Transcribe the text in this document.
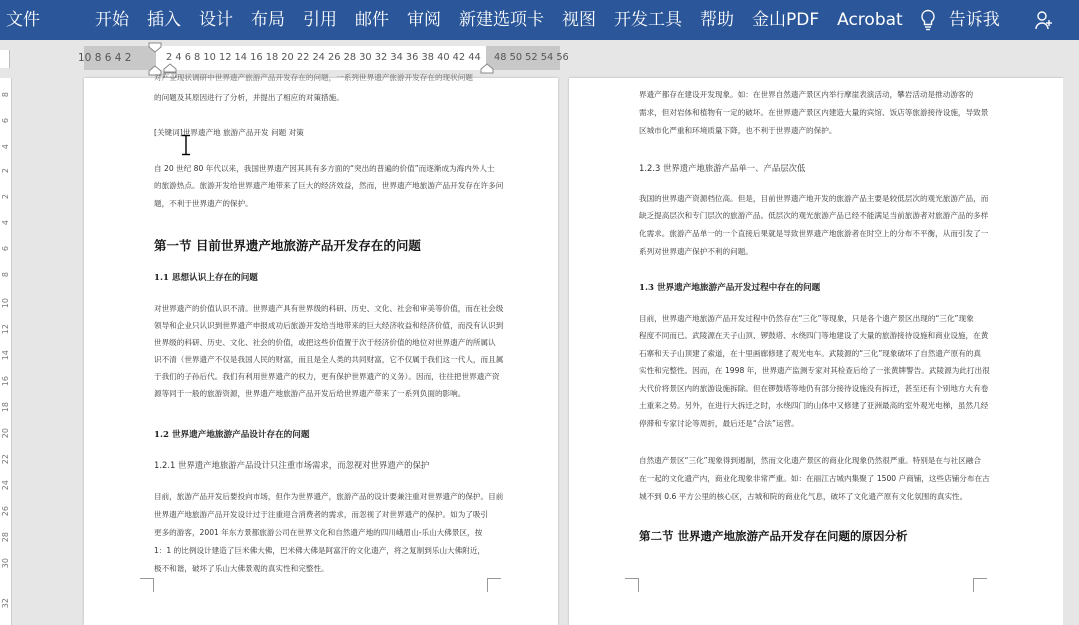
文件	开始	插入	设计	布局	引用	邮件	审阅	新建选项卡	视图	开发工具	帮助	金山PDF	Acrobat	告诉我
10 8 6 4 2	2 4 6 8 10 12 14 16 18 20 22 24 26 28 30 32 34 36 38 40 42 44 48 50 52 54 56
8
6
4
2
2
4
6
8
10
12
14
16
18
20
22
24
26
28
30
32
对产业现状调研中世界遗产旅游产品开发存在的问题，一系列世界遗产旅游开发存在的现状问题
的问题及其原因进行了分析，并提出了相应的对策措施。
[关键词]世界遗产地 旅游产品开发 问题 对策
自 20 世纪 80 年代以来，我国世界遗产因其具有多方面的“突出的普遍的价值”而逐渐成为海内外人士
的旅游热点。旅游开发给世界遗产地带来了巨大的经济效益，然而，世界遗产地旅游产品开发存在许多问
题，不利于世界遗产的保护。
第一节 目前世界遗产地旅游产品开发存在的问题
1.1 思想认识上存在的问题
对世界遗产的价值认识不清。世界遗产具有世界级的科研、历史、文化、社会和审美等价值，而在社会级
领导和企业只认识到世界遗产申报成功后旅游开发给当地带来的巨大经济收益和经济价值，而没有认识到
世界级的科研、历史、文化、社会的价值，或把这些价值置于次于经济价值的地位对世界遗产的所属认
识不清（世界遗产不仅是我国人民的财富，而且是全人类的共同财富，它不仅属于我们这一代人，而且属
于我们的子孙后代。我们有利用世界遗产的权力，更有保护世界遗产的义务）。因而，往往把世界遗产资
源等同于一般的旅游资源，世界遗产地旅游产品开发后给世界遗产带来了一系列负面的影响。
1.2 世界遗产地旅游产品设计存在的问题
1.2.1 世界遗产地旅游产品设计只注重市场需求，而忽视对世界遗产的保护
目前，旅游产品开发后要投向市场，但作为世界遗产，旅游产品的设计要兼注重对世界遗产的保护。目前
世界遗产地旅游产品开发设计过于注重迎合消费者的需求，而忽视了对世界遗产的保护。如为了吸引
更多的游客，2001 年东方景都旅游公司在世界文化和自然遗产地的四川峨眉山-乐山大佛景区，按
1：1 的比例设计建造了巨米佛大佛，巴米佛大佛是阿富汗的文化遗产，将之复制到乐山大佛附近，
极不和谐，破坏了乐山大佛景观的真实性和完整性。
界遗产都存在建设开发现象。如：在世界自然遗产景区内举行摩崖表演活动，攀岩活动是推动游客的
需求，但对岩体和植物有一定的破坏。在世界遗产景区内建造大量的宾馆、饭店等旅游接待设施，导致景
区城市化严重和环境质量下降，也不利于世界遗产的保护。
1.2.3 世界遗产地旅游产品单一、产品层次低
我国的世界遗产资源档位高。但是，目前世界遗产地开发的旅游产品主要是较低层次的观光旅游产品，而
缺乏提高层次和专门层次的旅游产品。低层次的观光旅游产品已经不能满足当前旅游者对旅游产品的多样
化需求。旅游产品单一的一个直接后果就是导致世界遗产地旅游者在时空上的分布不平衡，从而引发了一
系列对世界遗产保护不利的问题。
1.3 世界遗产地旅游产品开发过程中存在的问题
目前，世界遗产地旅游产品开发过程中仍然存在“三化”等现象，只是各个遗产景区出现的“三化”现象
程度不同而已。武陵源在天子山顶、锣鼓塔、水绕四门等地建设了大量的旅游接待设施和商业设施，在黄
石寨和天子山顶建了索道，在十里画廊修建了观光电车。武陵源的“三化”现象破坏了自然遗产原有的真
实性和完整性。因而，在 1998 年，世界遗产监测专家对其检查后给了一张黄牌警告。武陵源为此打出很
大代价将景区内的旅游设施拆除。但在锣鼓塔等地仍有部分接待设施没有拆迁，甚至还有个别地方大有卷
土重来之势。另外，在进行大拆迁之时，水绕四门的山体中又修建了亚洲最高的室外观光电梯，虽然几经
停滞和专家讨论等周折，最后还是“合法”运营。
自然遗产景区“三化”现象得到遏制，然而文化遗产景区的商业化现象仍然很严重。特别是在与社区融合
在一起的文化遗产内，商业化现象非常严重。如：在丽江古城内集聚了 1500 户商铺，这些店铺分布在古
城不到 0.6 平方公里的核心区，古城和院的商业化气息，破坏了文化遗产原有文化氛围的真实性。
第二节 世界遗产地旅游产品开发存在问题的原因分析
